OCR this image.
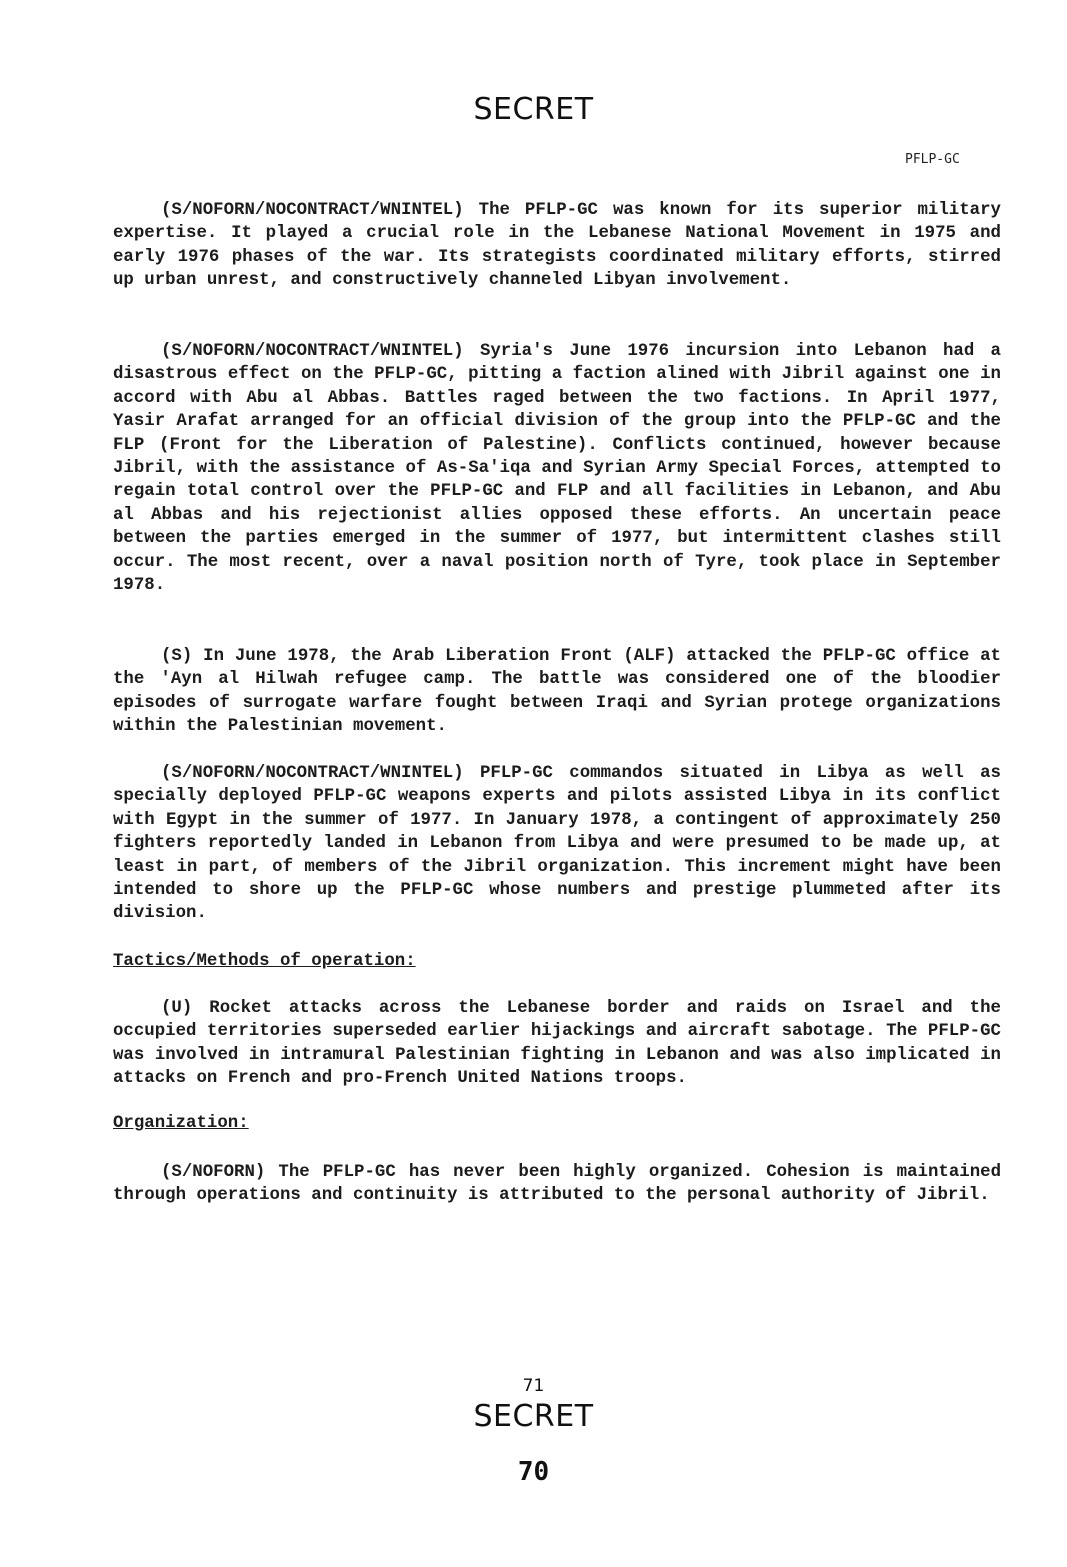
SECRET
PFLP-GC

(S/NOFORN/NOCONTRACT/WNINTEL) The PFLP-GC was known for its superior military expertise. It played a crucial role in the Lebanese National Movement in 1975 and early 1976 phases of the war. Its strategists coordinated military efforts, stirred up urban unrest, and constructively channeled Libyan involvement.

(S/NOFORN/NOCONTRACT/WNINTEL) Syria's June 1976 incursion into Lebanon had a disastrous effect on the PFLP-GC, pitting a faction alined with Jibril against one in accord with Abu al Abbas. Battles raged between the two factions. In April 1977, Yasir Arafat arranged for an official division of the group into the PFLP-GC and the FLP (Front for the Liberation of Palestine). Conflicts continued, however because Jibril, with the assistance of As-Sa'iqa and Syrian Army Special Forces, attempted to regain total control over the PFLP-GC and FLP and all facilities in Lebanon, and Abu al Abbas and his rejectionist allies opposed these efforts. An uncertain peace between the parties emerged in the summer of 1977, but intermittent clashes still occur. The most recent, over a naval position north of Tyre, took place in September 1978.

(S) In June 1978, the Arab Liberation Front (ALF) attacked the PFLP-GC office at the 'Ayn al Hilwah refugee camp. The battle was considered one of the bloodier episodes of surrogate warfare fought between Iraqi and Syrian protege organizations within the Palestinian movement.

(S/NOFORN/NOCONTRACT/WNINTEL) PFLP-GC commandos situated in Libya as well as specially deployed PFLP-GC weapons experts and pilots assisted Libya in its conflict with Egypt in the summer of 1977. In January 1978, a contingent of approximately 250 fighters reportedly landed in Lebanon from Libya and were presumed to be made up, at least in part, of members of the Jibril organization. This increment might have been intended to shore up the PFLP-GC whose numbers and prestige plummeted after its division.

Tactics/Methods of operation:

(U) Rocket attacks across the Lebanese border and raids on Israel and the occupied territories superseded earlier hijackings and aircraft sabotage. The PFLP-GC was involved in intramural Palestinian fighting in Lebanon and was also implicated in attacks on French and pro-French United Nations troops.

Organization:

(S/NOFORN) The PFLP-GC has never been highly organized. Cohesion is maintained through operations and continuity is attributed to the personal authority of Jibril.

71
SECRET
70
